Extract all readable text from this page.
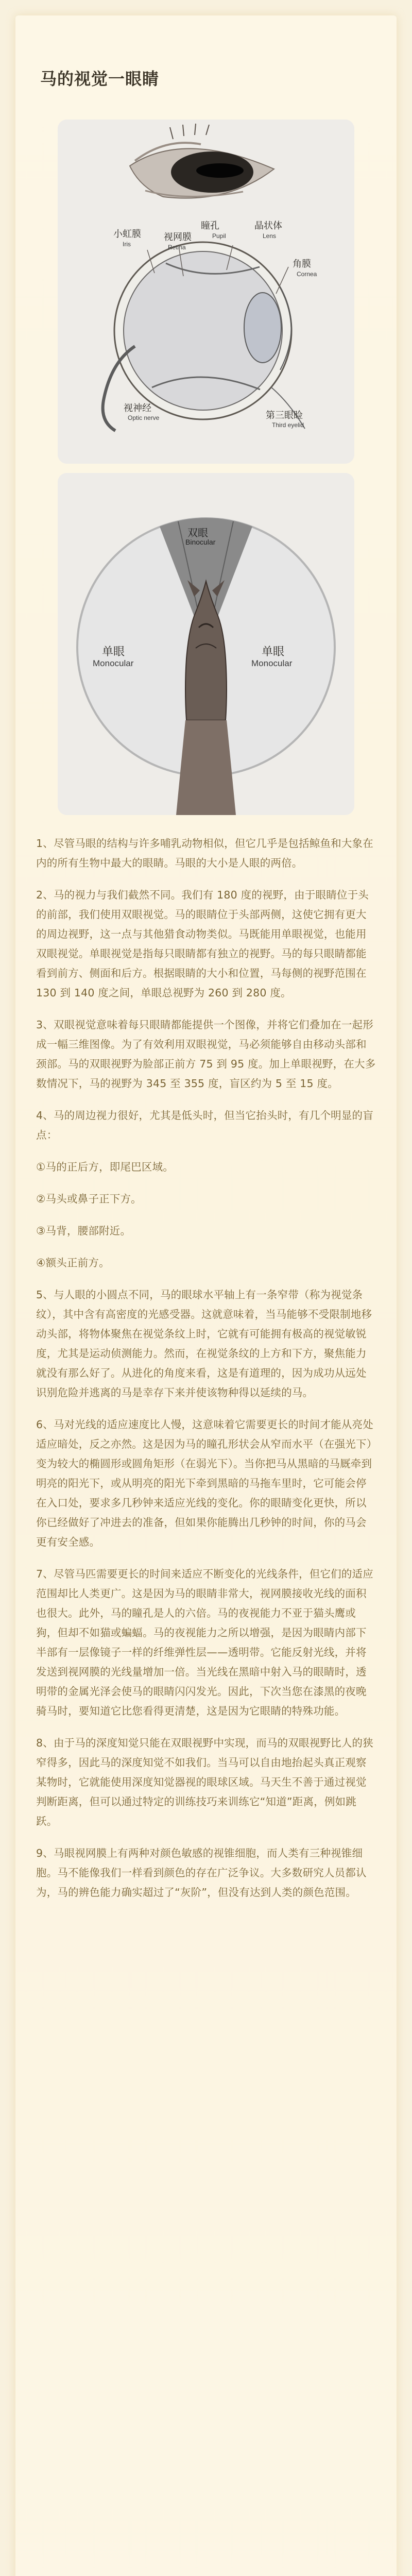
马的视觉一眼睛
小虹膜
Iris
视网膜
Retina
瞳孔
Pupil
晶状体
Lens
角膜
Cornea
视神经
Optic nerve	第三眼睑
Third eyelid
双眼
Binocular
单眼
Monocular
单眼
Monocular

1、尽管马眼的结构与许多哺乳动物相似，但它几乎是包括鲸鱼和大象在内的所有生物中最大的眼睛。马眼的大小是人眼的两倍。

2、马的视力与我们截然不同。我们有 180 度的视野，由于眼睛位于头的前部，我们使用双眼视觉。马的眼睛位于头部两侧，这使它拥有更大的周边视野，这一点与其他猎食动物类似。马既能用单眼视觉，也能用双眼视觉。单眼视觉是指每只眼睛都有独立的视野。马的每只眼睛都能看到前方、侧面和后方。根据眼睛的大小和位置，马每侧的视野范围在 130 到 140 度之间，单眼总视野为 260 到 280 度。

3、双眼视觉意味着每只眼睛都能提供一个图像，并将它们叠加在一起形成一幅三维图像。为了有效利用双眼视觉，马必须能够自由移动头部和颈部。马的双眼视野为脸部正前方 75 到 95 度。加上单眼视野，在大多数情况下，马的视野为 345 至 355 度，盲区约为 5 至 15 度。

4、马的周边视力很好，尤其是低头时，但当它抬头时，有几个明显的盲点：

①马的正后方，即尾巴区域。

②马头或鼻子正下方。

③马背，腰部附近。

④额头正前方。

5、与人眼的小圆点不同，马的眼球水平轴上有一条窄带（称为视觉条纹），其中含有高密度的光感受器。这就意味着，当马能够不受限制地移动头部，将物体聚焦在视觉条纹上时，它就有可能拥有极高的视觉敏锐度，尤其是运动侦测能力。然而，在视觉条纹的上方和下方，聚焦能力就没有那么好了。从进化的角度来看，这是有道理的，因为成功从远处识别危险并逃离的马是幸存下来并使该物种得以延续的马。

6、马对光线的适应速度比人慢，这意味着它需要更长的时间才能从亮处适应暗处，反之亦然。这是因为马的瞳孔形状会从窄而水平（在强光下）变为较大的椭圆形或圆角矩形（在弱光下）。当你把马从黑暗的马厩牵到明亮的阳光下，或从明亮的阳光下牵到黑暗的马拖车里时，它可能会停在入口处，要求多几秒钟来适应光线的变化。你的眼睛变化更快，所以你已经做好了冲进去的准备，但如果你能腾出几秒钟的时间，你的马会更有安全感。

7、尽管马匹需要更长的时间来适应不断变化的光线条件，但它们的适应范围却比人类更广。这是因为马的眼睛非常大，视网膜接收光线的面积也很大。此外，马的瞳孔是人的六倍。马的夜视能力不亚于猫头鹰或狗，但却不如猫或蝙蝠。马的夜视能力之所以增强，是因为眼睛内部下半部有一层像镜子一样的纤维弹性层——透明带。它能反射光线，并将发送到视网膜的光线量增加一倍。当光线在黑暗中射入马的眼睛时，透明带的金属光泽会使马的眼睛闪闪发光。因此，下次当您在漆黑的夜晚骑马时，要知道它比您看得更清楚，这是因为它眼睛的特殊功能。

8、由于马的深度知觉只能在双眼视野中实现，而马的双眼视野比人的狭窄得多，因此马的深度知觉不如我们。当马可以自由地抬起头真正观察某物时，它就能使用深度知觉器视的眼球区域。马天生不善于通过视觉判断距离，但可以通过特定的训练技巧来训练它“知道”距离，例如跳跃。

9、马眼视网膜上有两种对颜色敏感的视锥细胞，而人类有三种视锥细胞。马不能像我们一样看到颜色的存在广泛争议。大多数研究人员都认为，马的辨色能力确实超过了“灰阶”，但没有达到人类的颜色范围。
